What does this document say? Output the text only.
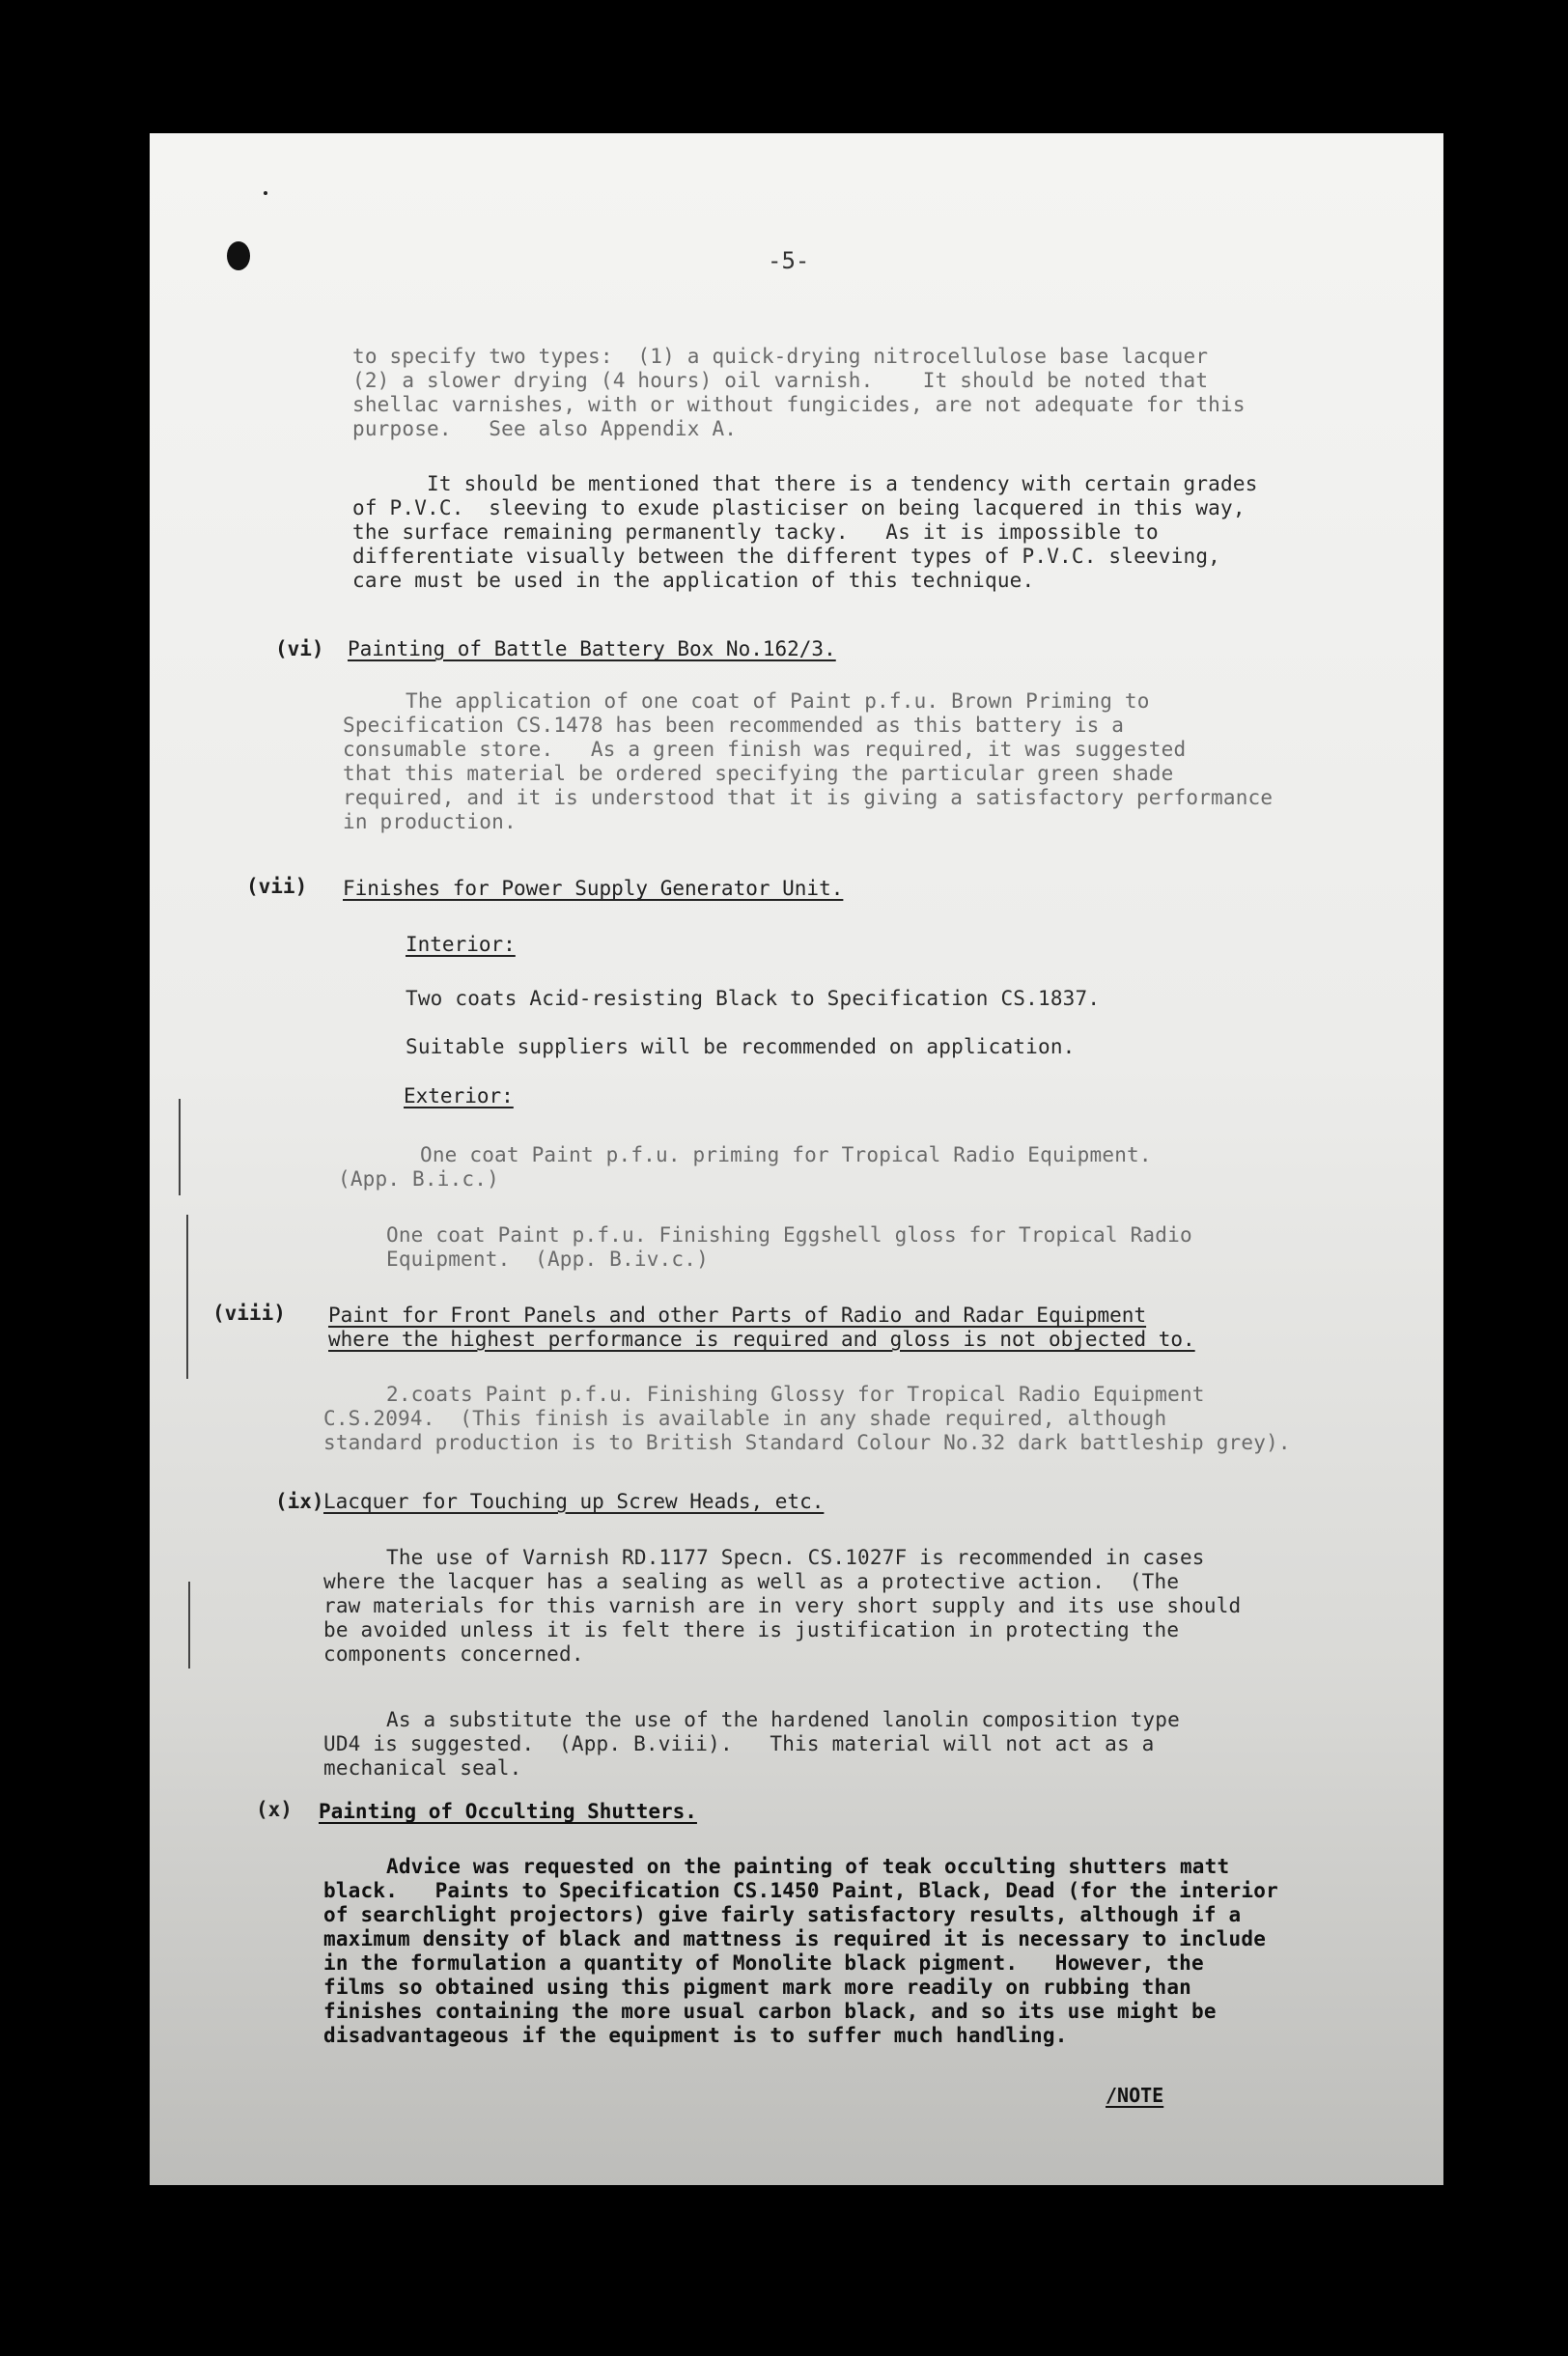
-5-
to specify two types:  (1) a quick-drying nitrocellulose base lacquer
(2) a slower drying (4 hours) oil varnish.    It should be noted that
shellac varnishes, with or without fungicides, are not adequate for this
purpose.   See also Appendix A.
It should be mentioned that there is a tendency with certain grades
of P.V.C.  sleeving to exude plasticiser on being lacquered in this way,
the surface remaining permanently tacky.   As it is impossible to
differentiate visually between the different types of P.V.C. sleeving,
care must be used in the application of this technique.
(vi) Painting of Battle Battery Box No.162/3.
The application of one coat of Paint p.f.u. Brown Priming to
Specification CS.1478 has been recommended as this battery is a
consumable store.   As a green finish was required, it was suggested
that this material be ordered specifying the particular green shade
required, and it is understood that it is giving a satisfactory performance
in production.
(vii) Finishes for Power Supply Generator Unit.
Interior:
Two coats Acid-resisting Black to Specification CS.1837.
Suitable suppliers will be recommended on application.
Exterior:
One coat Paint p.f.u. priming for Tropical Radio Equipment.
(App. B.i.c.)
One coat Paint p.f.u. Finishing Eggshell gloss for Tropical Radio
Equipment.  (App. B.iv.c.)
(viii) Paint for Front Panels and other Parts of Radio and Radar Equipment
where the highest performance is required and gloss is not objected to.
2.coats Paint p.f.u. Finishing Glossy for Tropical Radio Equipment
C.S.2094.  (This finish is available in any shade required, although
standard production is to British Standard Colour No.32 dark battleship grey).
(ix) Lacquer for Touching up Screw Heads, etc.
The use of Varnish RD.1177 Specn. CS.1027F is recommended in cases
where the lacquer has a sealing as well as a protective action.  (The
raw materials for this varnish are in very short supply and its use should
be avoided unless it is felt there is justification in protecting the
components concerned.
As a substitute the use of the hardened lanolin composition type
UD4 is suggested.  (App. B.viii).   This material will not act as a
mechanical seal.
(x) Painting of Occulting Shutters.
Advice was requested on the painting of teak occulting shutters matt
black.   Paints to Specification CS.1450 Paint, Black, Dead (for the interior
of searchlight projectors) give fairly satisfactory results, although if a
maximum density of black and mattness is required it is necessary to include
in the formulation a quantity of Monolite black pigment.   However, the
films so obtained using this pigment mark more readily on rubbing than
finishes containing the more usual carbon black, and so its use might be
disadvantageous if the equipment is to suffer much handling.
/NOTE
